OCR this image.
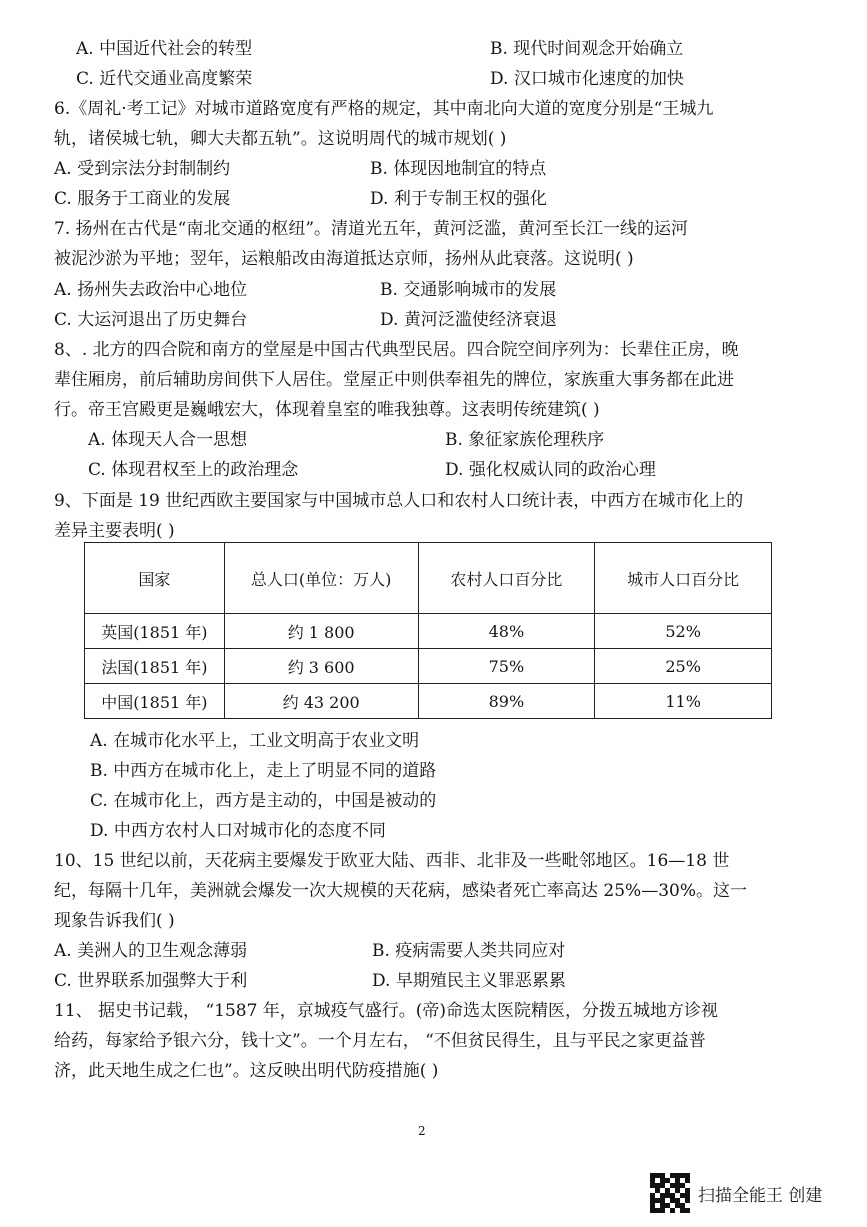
A. 中国近代社会的转型	B. 现代时间观念开始确立
C. 近代交通业高度繁荣	D. 汉口城市化速度的加快
6.《周礼·考工记》对城市道路宽度有严格的规定，其中南北向大道的宽度分别是“王城九
轨，诸侯城七轨，卿大夫都五轨”。这说明周代的城市规划( )
A. 受到宗法分封制制约	B. 体现因地制宜的特点
C. 服务于工商业的发展	D. 利于专制王权的强化
7. 扬州在古代是“南北交通的枢纽”。清道光五年，黄河泛滥，黄河至长江一线的运河
被泥沙淤为平地；翌年，运粮船改由海道抵达京师，扬州从此衰落。这说明( )
A. 扬州失去政治中心地位	B. 交通影响城市的发展
C. 大运河退出了历史舞台	D. 黄河泛滥使经济衰退
8、. 北方的四合院和南方的堂屋是中国古代典型民居。四合院空间序列为：长辈住正房，晚
辈住厢房，前后辅助房间供下人居住。堂屋正中则供奉祖先的牌位，家族重大事务都在此进
行。帝王宫殿更是巍峨宏大，体现着皇室的唯我独尊。这表明传统建筑( )
A. 体现天人合一思想	B. 象征家族伦理秩序
C. 体现君权至上的政治理念	D. 强化权威认同的政治心理
9、下面是 19 世纪西欧主要国家与中国城市总人口和农村人口统计表，中西方在城市化上的
差异主要表明( )
国家	总人口(单位：万人)	农村人口百分比	城市人口百分比
英国(1851 年)	约 1 800	48%	52%
法国(1851 年)	约 3 600	75%	25%
中国(1851 年)	约 43 200	89%	11%
A. 在城市化水平上，工业文明高于农业文明
B. 中西方在城市化上，走上了明显不同的道路
C. 在城市化上，西方是主动的，中国是被动的
D. 中西方农村人口对城市化的态度不同
10、15 世纪以前，天花病主要爆发于欧亚大陆、西非、北非及一些毗邻地区。16—18 世
纪，每隔十几年，美洲就会爆发一次大规模的天花病，感染者死亡率高达 25%—30%。这一
现象告诉我们( )
A. 美洲人的卫生观念薄弱	B. 疫病需要人类共同应对
C. 世界联系加强弊大于利	D. 早期殖民主义罪恶累累
11、 据史书记载， “1587 年，京城疫气盛行。(帝)命选太医院精医，分拨五城地方诊视
给药，每家给予银六分，钱十文”。一个月左右， “不但贫民得生，且与平民之家更益普
济，此天地生成之仁也”。这反映出明代防疫措施( )
2
扫描全能王 创建
